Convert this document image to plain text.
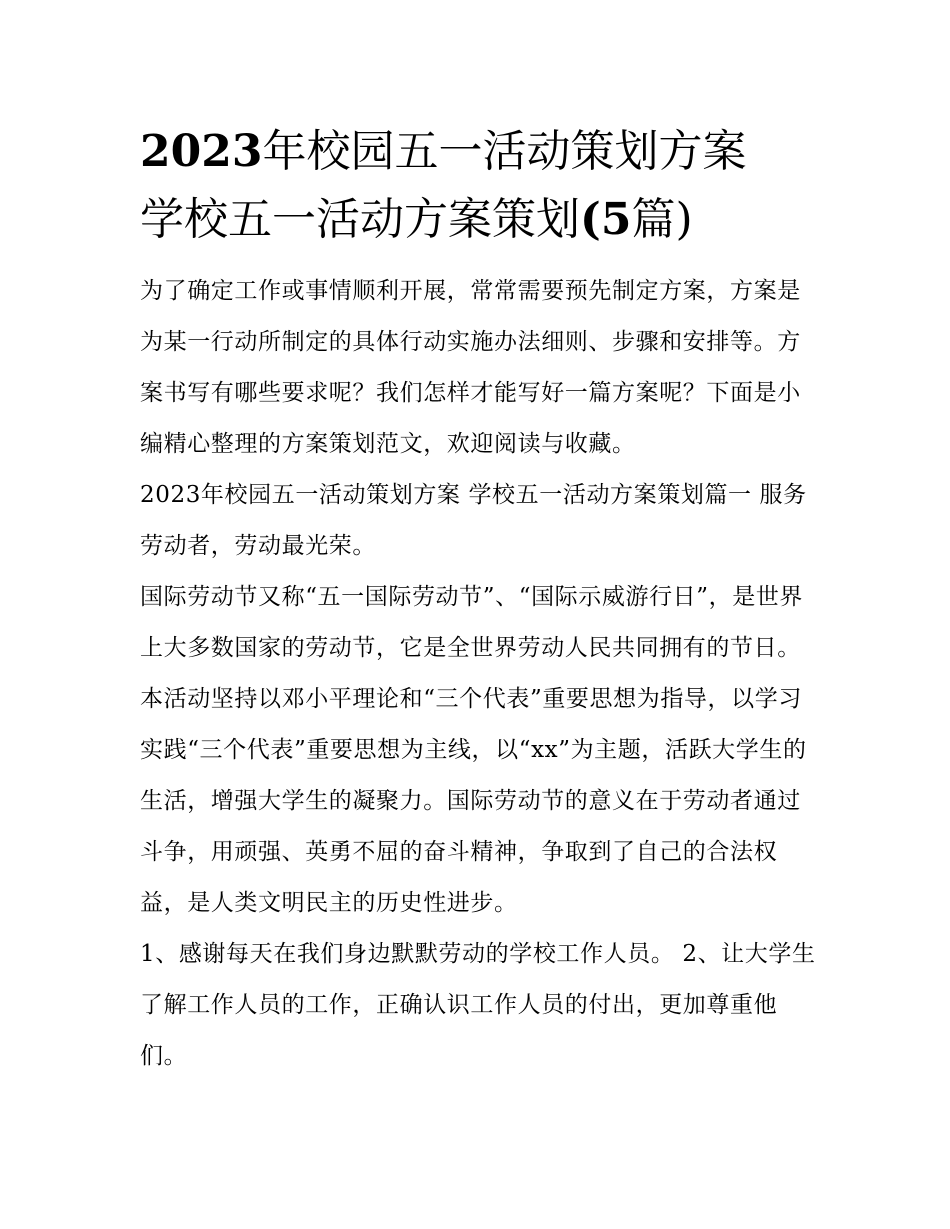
2023年校园五一活动策划方案
学校五一活动方案策划(5篇)

为了确定工作或事情顺利开展，常常需要预先制定方案，方案是为某一行动所制定的具体行动实施办法细则、步骤和安排等。方案书写有哪些要求呢？我们怎样才能写好一篇方案呢？下面是小编精心整理的方案策划范文，欢迎阅读与收藏。

2023年校园五一活动策划方案 学校五一活动方案策划篇一 服务劳动者，劳动最光荣。

国际劳动节又称“五一国际劳动节”、“国际示威游行日”，是世界上大多数国家的劳动节，它是全世界劳动人民共同拥有的节日。本活动坚持以邓小平理论和“三个代表”重要思想为指导，以学习实践“三个代表”重要思想为主线，以“xx”为主题，活跃大学生的生活，增强大学生的凝聚力。国际劳动节的意义在于劳动者通过斗争，用顽强、英勇不屈的奋斗精神，争取到了自己的合法权益，是人类文明民主的历史性进步。

1、感谢每天在我们身边默默劳动的学校工作人员。 2、让大学生了解工作人员的工作，正确认识工作人员的付出，更加尊重他们。
